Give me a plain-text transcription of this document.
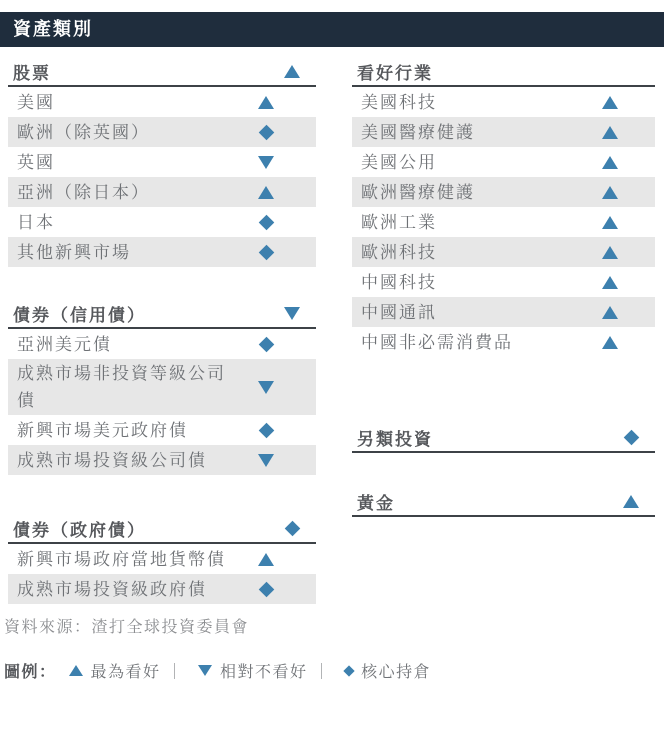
資產類別
股票
美國
歐洲（除英國）
英國
亞洲（除日本）
日本
其他新興市場
債券（信用債）
亞洲美元債
成熟市場非投資等級公司債
新興市場美元政府債
成熟市場投資級公司債
債券（政府債）
新興市場政府當地貨幣債
成熟市場投資級政府債
看好行業
美國科技
美國醫療健護
美國公用
歐洲醫療健護
歐洲工業
歐洲科技
中國科技
中國通訊
中國非必需消費品
另類投資
黃金
資料來源：渣打全球投資委員會
圖例： 最為看好 ｜ 相對不看好 ｜ 核心持倉
